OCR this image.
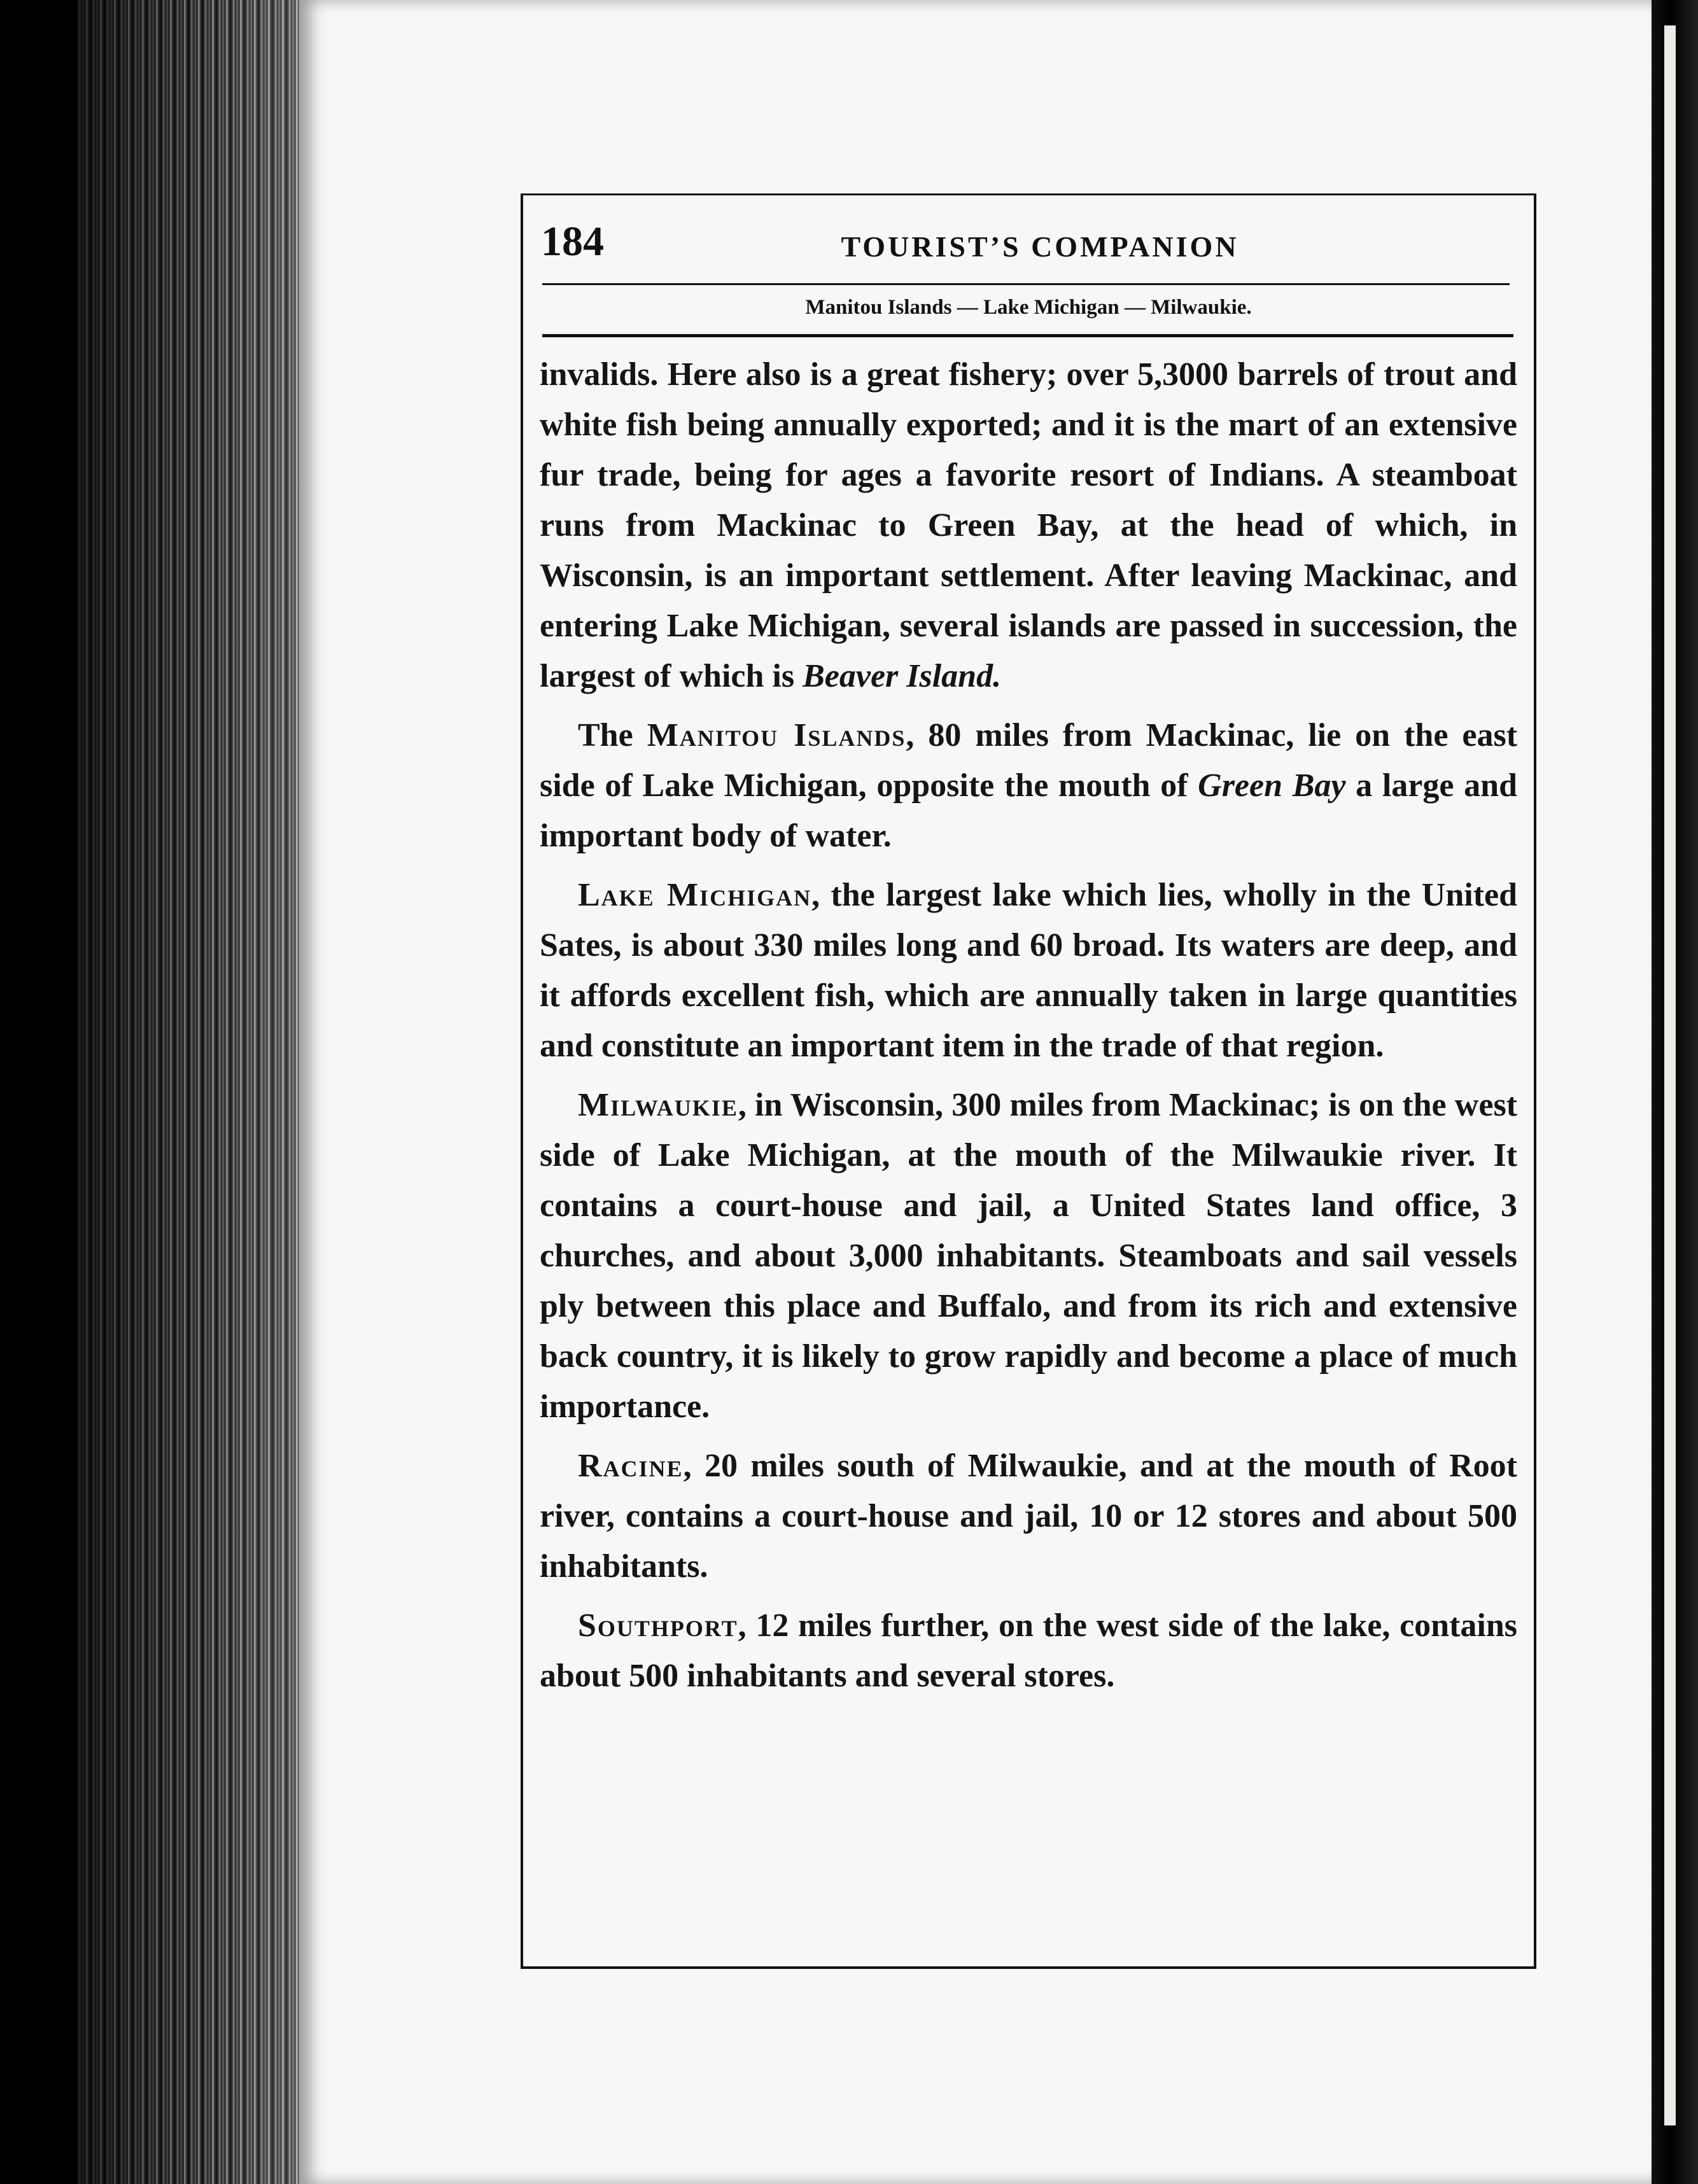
184	TOURIST’S COMPANION
Manitou Islands — Lake Michigan — Milwaukie.

invalids. Here also is a great fishery; over 5,3000 barrels of trout and white fish being annually exported; and it is the mart of an extensive fur trade, being for ages a favorite resort of Indians. A steamboat runs from Mackinac to Green Bay, at the head of which, in Wisconsin, is an important settlement. After leaving Mackinac, and entering Lake Michigan, several islands are passed in succession, the largest of which is Beaver Island.

The Manitou Islands, 80 miles from Mackinac, lie on the east side of Lake Michigan, opposite the mouth of Green Bay a large and important body of water.

Lake Michigan, the largest lake which lies, wholly in the United Sates, is about 330 miles long and 60 broad. Its waters are deep, and it affords excellent fish, which are annually taken in large quantities and constitute an important item in the trade of that region.

Milwaukie, in Wisconsin, 300 miles from Mackinac; is on the west side of Lake Michigan, at the mouth of the Milwaukie river. It contains a court-house and jail, a United States land office, 3 churches, and about 3,000 inhabitants. Steamboats and sail vessels ply between this place and Buffalo, and from its rich and extensive back country, it is likely to grow rapidly and become a place of much importance.

Racine, 20 miles south of Milwaukie, and at the mouth of Root river, contains a court-house and jail, 10 or 12 stores and about 500 inhabitants.

Southport, 12 miles further, on the west side of the lake, contains about 500 inhabitants and several stores.
